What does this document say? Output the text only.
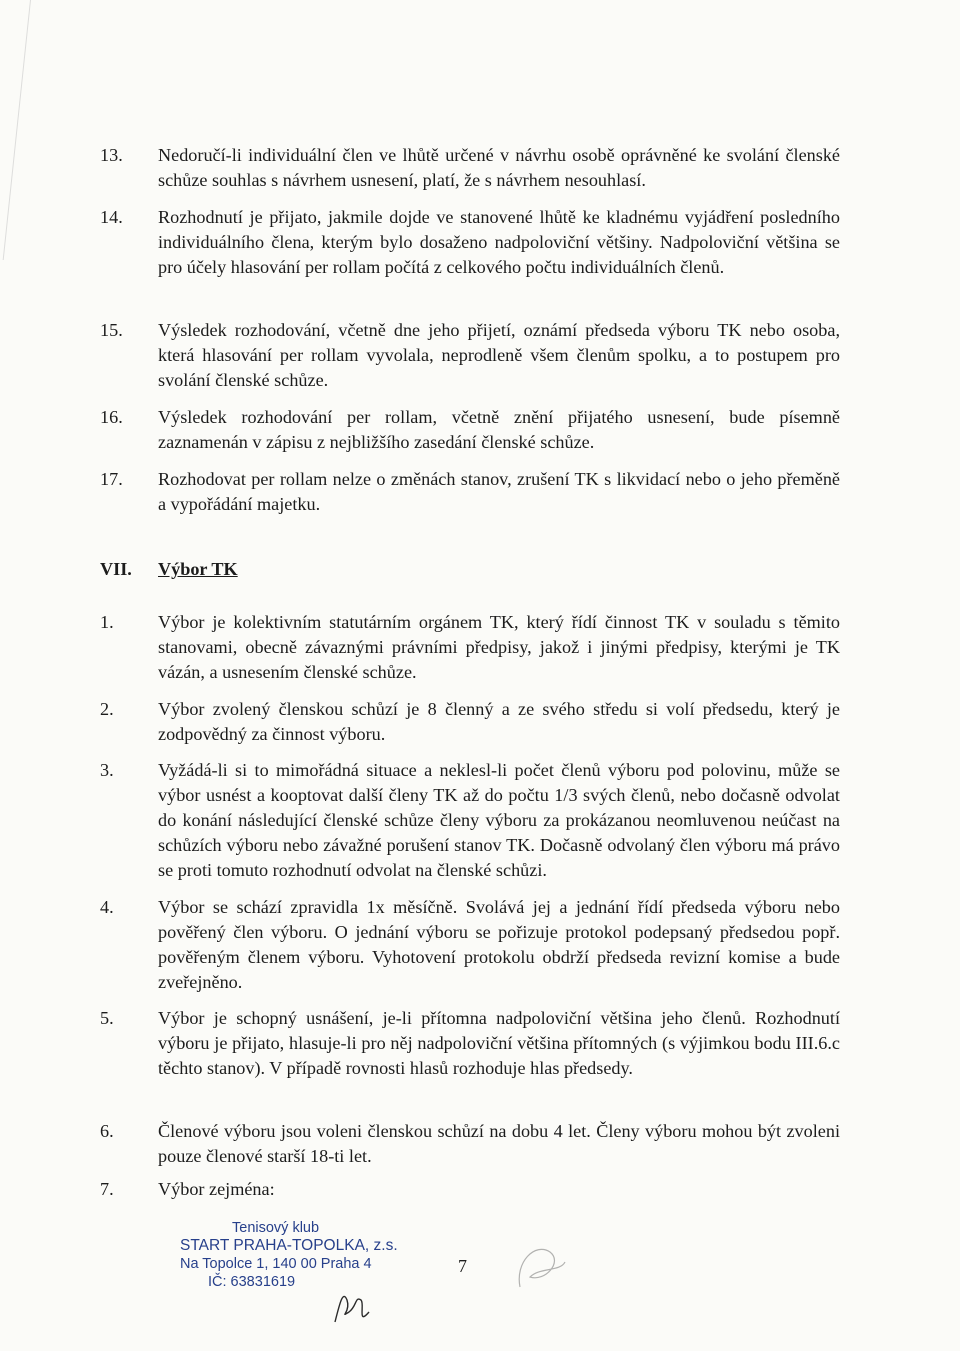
13.	Nedoručí-li individuální člen ve lhůtě určené v návrhu osobě oprávněné ke svolání členské schůze souhlas s návrhem usnesení, platí, že s návrhem nesouhlasí.
14.	Rozhodnutí je přijato, jakmile dojde ve stanovené lhůtě ke kladnému vyjádření posledního individuálního člena, kterým bylo dosaženo nadpoloviční většiny. Nadpoloviční většina se pro účely hlasování per rollam počítá z celkového počtu individuálních členů.
15.	Výsledek rozhodování, včetně dne jeho přijetí, oznámí předseda výboru TK nebo osoba, která hlasování per rollam vyvolala, neprodleně všem členům spolku, a to postupem pro svolání členské schůze.
16.	Výsledek rozhodování per rollam, včetně znění přijatého usnesení, bude písemně zaznamenán v zápisu z nejbližšího zasedání členské schůze.
17.	Rozhodovat per rollam nelze o změnách stanov, zrušení TK s likvidací nebo o jeho přeměně a vypořádání majetku.
VII. Výbor TK
1.	Výbor je kolektivním statutárním orgánem TK, který řídí činnost TK v souladu s těmito stanovami, obecně závaznými právními předpisy, jakož i jinými předpisy, kterými je TK vázán, a usnesením členské schůze.
2.	Výbor zvolený členskou schůzí je 8 členný a ze svého středu si volí předsedu, který je zodpovědný za činnost výboru.
3.	Vyžádá-li si to mimořádná situace a neklesl-li počet členů výboru pod polovinu, může se výbor usnést a kooptovat další členy TK až do počtu 1/3 svých členů, nebo dočasně odvolat do konání následující členské schůze členy výboru za prokázanou neomluvenou neúčast na schůzích výboru nebo závažné porušení stanov TK. Dočasně odvolaný člen výboru má právo se proti tomuto rozhodnutí odvolat na členské schůzi.
4.	Výbor se schází zpravidla 1x měsíčně. Svolává jej a jednání řídí předseda výboru nebo pověřený člen výboru. O jednání výboru se pořizuje protokol podepsaný předsedou popř. pověřeným členem výboru. Vyhotovení protokolu obdrží předseda revizní komise a bude zveřejněno.
5.	Výbor je schopný usnášení, je-li přítomna nadpoloviční většina jeho členů. Rozhodnutí výboru je přijato, hlasuje-li pro něj nadpoloviční většina přítomných (s výjimkou bodu III.6.c těchto stanov). V případě rovnosti hlasů rozhoduje hlas předsedy.
6.	Členové výboru jsou voleni členskou schůzí na dobu 4 let. Členy výboru mohou být zvoleni pouze členové starší 18-ti let.
7.	Výbor zejména:
Tenisový klub
START PRAHA-TOPOLKA, z.s.
Na Topolce 1, 140 00 Praha 4
IČ: 63831619

7
